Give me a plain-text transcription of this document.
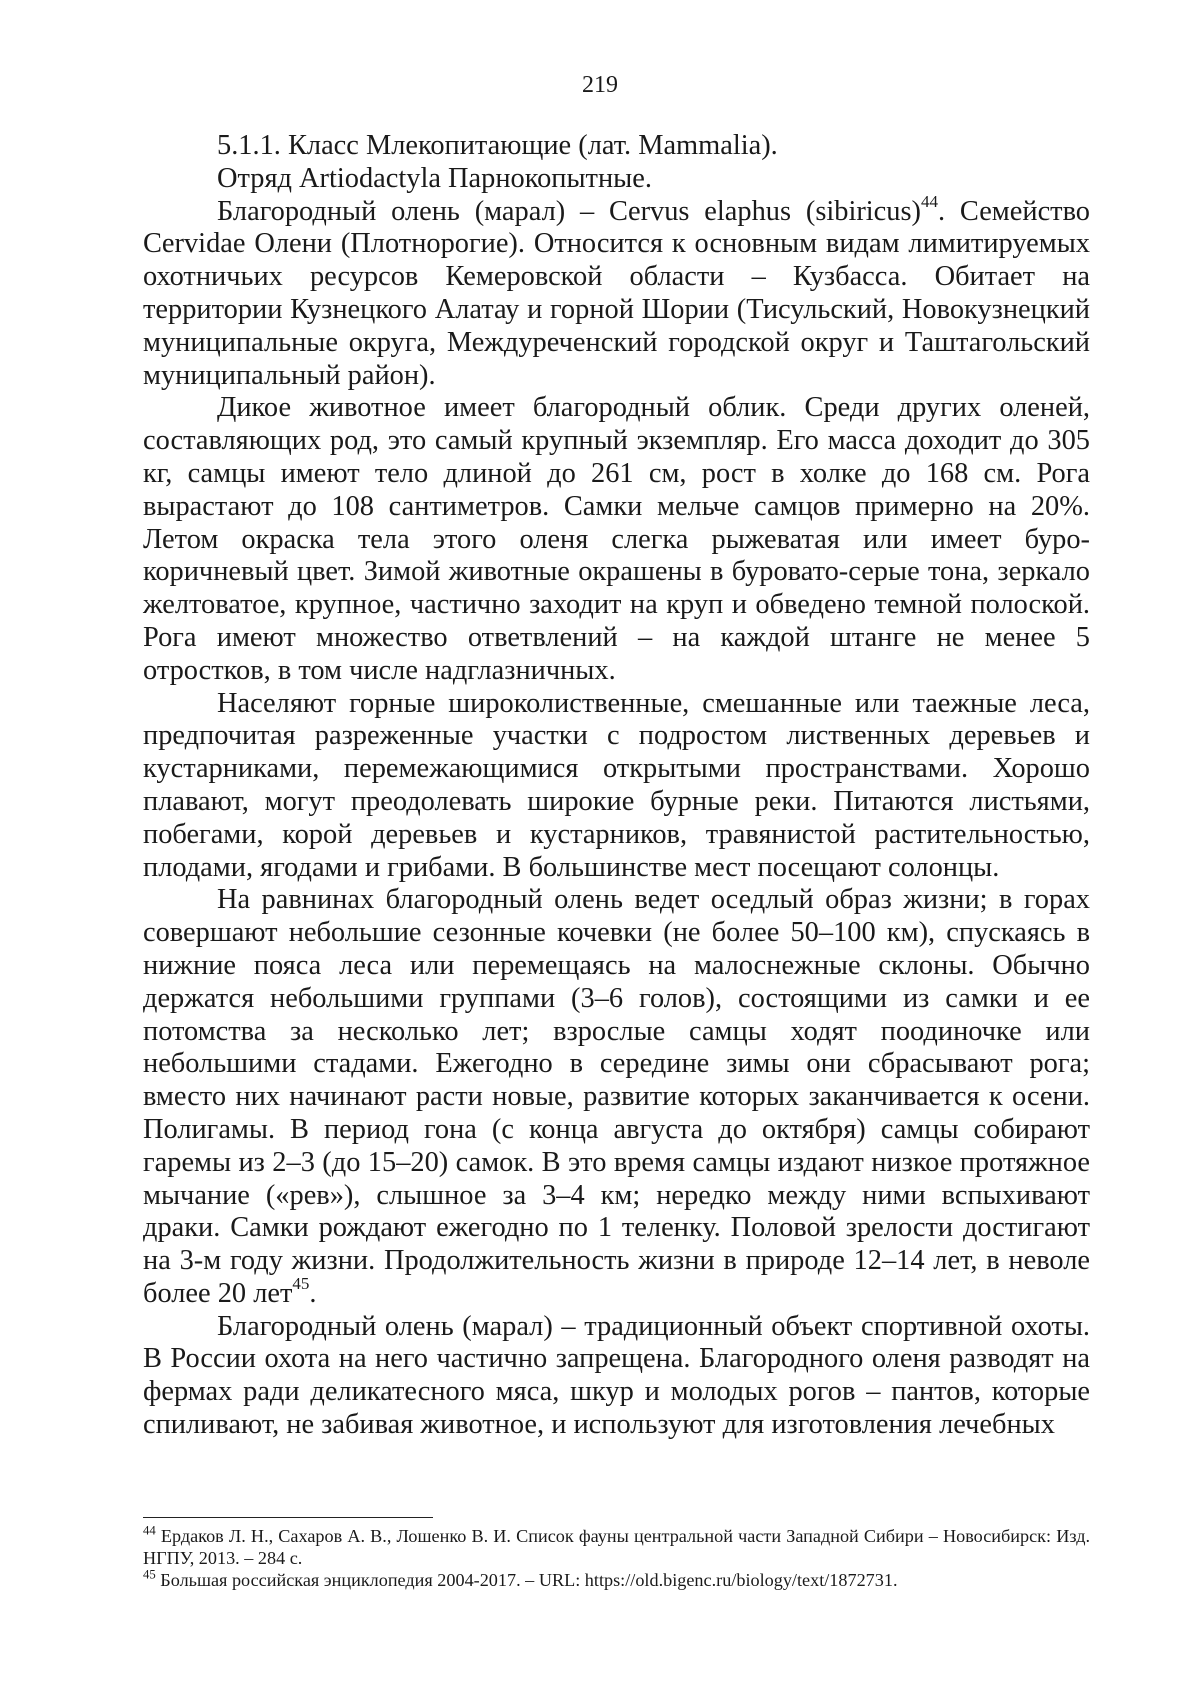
219

5.1.1. Класс Млекопитающие (лат. Mammalia).

Отряд Artiodactyla Парнокопытные.

Благородный олень (марал) – Cervus elaphus (sibiricus)$^{44}$. Семейство Cervidae Олени (Плотнорогие). Относится к основным видам лимитируемых охотничьих ресурсов Кемеровской области – Кузбасса. Обитает на территории Кузнецкого Алатау и горной Шории (Тисульский, Новокузнецкий муниципальные округа, Междуреченский городской округ и Таштагольский муниципальный район).

Дикое животное имеет благородный облик. Среди других оленей, составляющих род, это самый крупный экземпляр. Его масса доходит до 305 кг, самцы имеют тело длиной до 261 см, рост в холке до 168 см. Рога вырастают до 108 сантиметров. Самки мельче самцов примерно на 20%. Летом окраска тела этого оленя слегка рыжеватая или имеет буро-коричневый цвет. Зимой животные окрашены в буровато-серые тона, зеркало желтоватое, крупное, частично заходит на круп и обведено темной полоской. Рога имеют множество ответвлений – на каждой штанге не менее 5 отростков, в том числе надглазничных.

Населяют горные широколиственные, смешанные или таежные леса, предпочитая разреженные участки с подростом лиственных деревьев и кустарниками, перемежающимися открытыми пространствами. Хорошо плавают, могут преодолевать широкие бурные реки. Питаются листьями, побегами, корой деревьев и кустарников, травянистой растительностью, плодами, ягодами и грибами. В большинстве мест посещают солонцы.

На равнинах благородный олень ведет оседлый образ жизни; в горах совершают небольшие сезонные кочевки (не более 50–100 км), спускаясь в нижние пояса леса или перемещаясь на малоснежные склоны. Обычно держатся небольшими группами (3–6 голов), состоящими из самки и ее потомства за несколько лет; взрослые самцы ходят поодиночке или небольшими стадами. Ежегодно в середине зимы они сбрасывают рога; вместо них начинают расти новые, развитие которых заканчивается к осени. Полигамы. В период гона (с конца августа до октября) самцы собирают гаремы из 2–3 (до 15–20) самок. В это время самцы издают низкое протяжное мычание («рев»), слышное за 3–4 км; нередко между ними вспыхивают драки. Самки рождают ежегодно по 1 теленку. Половой зрелости достигают на 3-м году жизни. Продолжительность жизни в природе 12–14 лет, в неволе более 20 лет$^{45}$.

Благородный олень (марал) – традиционный объект спортивной охоты. В России охота на него частично запрещена. Благородного оленя разводят на фермах ради деликатесного мяса, шкур и молодых рогов – пантов, которые спиливают, не забивая животное, и используют для изготовления лечебных

$^{44}$ Ердаков Л. Н., Сахаров А. В., Лошенко В. И. Список фауны центральной части Западной Сибири – Новосибирск: Изд. НГПУ, 2013. – 284 с.

$^{45}$ Большая российская энциклопедия 2004-2017. – URL: https://old.bigenc.ru/biology/text/1872731.
